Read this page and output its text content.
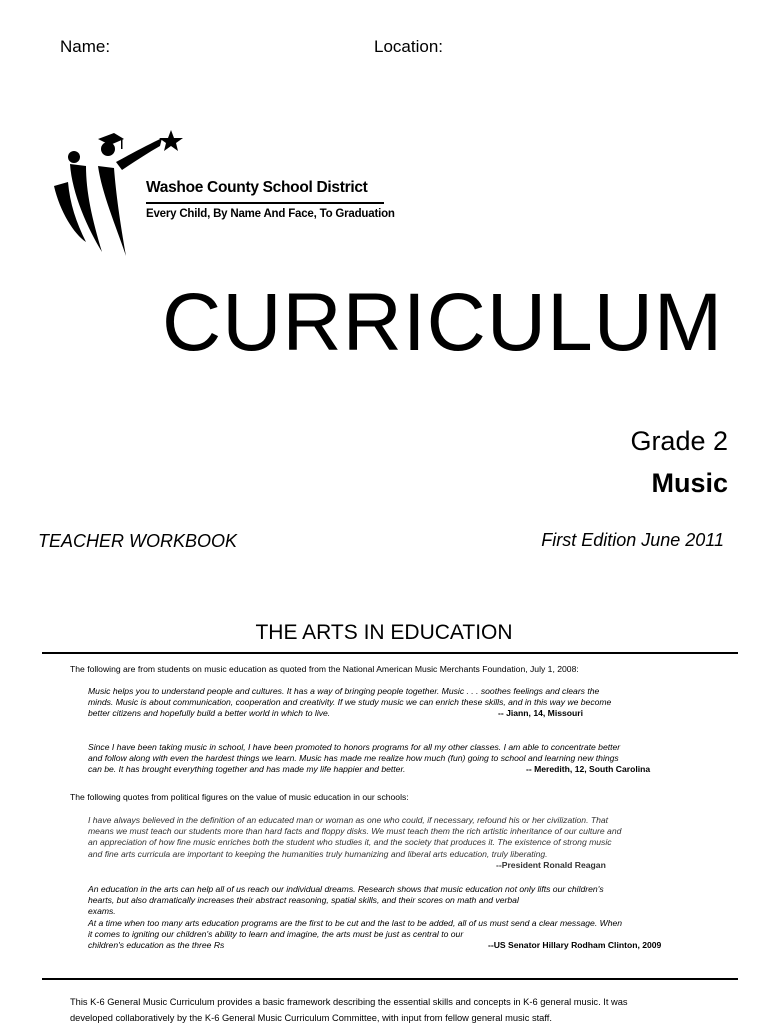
Name:	Location:
Washoe County School District
Every Child, By Name And Face, To Graduation
CURRICULUM
Grade 2
Music
TEACHER WORKBOOK	First Edition June 2011
THE ARTS IN EDUCATION
The following are from students on music education as quoted from the National American Music Merchants Foundation, July 1, 2008:
Music helps you to understand people and cultures. It has a way of bringing people together. Music . . . soothes feelings and clears the
minds. Music is about communication, cooperation and creativity. If we study music we can enrich these skills, and in this way we become
better citizens and hopefully build a better world in which to live.	-- Jiann, 14, Missouri
Since I have been taking music in school, I have been promoted to honors programs for all my other classes. I am able to concentrate better
and follow along with even the hardest things we learn. Music has made me realize how much (fun) going to school and learning new things
can be. It has brought everything together and has made my life happier and better.	-- Meredith, 12, South Carolina
The following quotes from political figures on the value of music education in our schools:
I have always believed in the definition of an educated man or woman as one who could, if necessary, refound his or her civilization. That
means we must teach our students more than hard facts and floppy disks. We must teach them the rich artistic inheritance of our culture and
an appreciation of how fine music enriches both the student who studies it, and the society that produces it. The existence of strong music
and fine arts curricula are important to keeping the humanities truly humanizing and liberal arts education, truly liberating.
--President Ronald Reagan
An education in the arts can help all of us reach our individual dreams. Research shows that music education not only lifts our children's
hearts, but also dramatically increases their abstract reasoning, spatial skills, and their scores on math and verbal
exams.
At a time when too many arts education programs are the first to be cut and the last to be added, all of us must send a clear message. When
it comes to igniting our children's ability to learn and imagine, the arts must be just as central to our
children's education as the three Rs	--US Senator Hillary Rodham Clinton, 2009
This K-6 General Music Curriculum provides a basic framework describing the essential skills and concepts in K-6 general music. It was
developed collaboratively by the K-6 General Music Curriculum Committee, with input from fellow general music staff.
